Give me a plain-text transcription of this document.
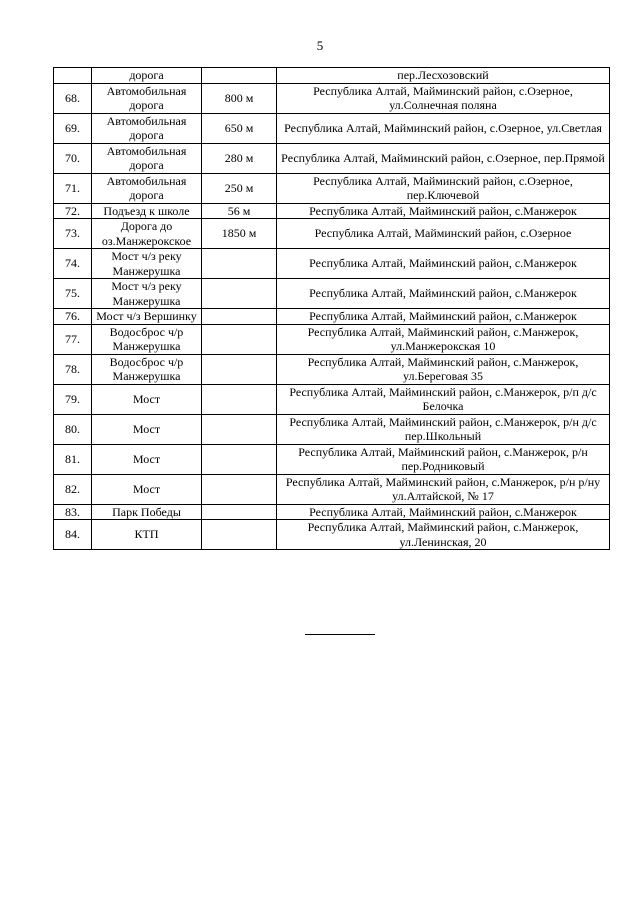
5
	дорога		пер.Лесхозовский
68.	Автомобильная дорога	800 м	Республика Алтай, Майминский район, с.Озерное, ул.Солнечная поляна
69.	Автомобильная дорога	650 м	Республика Алтай, Майминский район, с.Озерное, ул.Светлая
70.	Автомобильная дорога	280 м	Республика Алтай, Майминский район, с.Озерное, пер.Прямой
71.	Автомобильная дорога	250 м	Республика Алтай, Майминский район, с.Озерное, пер.Ключевой
72.	Подъезд к школе	56 м	Республика Алтай, Майминский район, с.Манжерок
73.	Дорога до оз.Манжерокское	1850 м	Республика Алтай, Майминский район, с.Озерное
74.	Мост ч/з реку Манжерушка		Республика Алтай, Майминский район, с.Манжерок
75.	Мост ч/з реку Манжерушка		Республика Алтай, Майминский район, с.Манжерок
76.	Мост ч/з Вершинку		Республика Алтай, Майминский район, с.Манжерок
77.	Водосброс ч/р Манжерушка		Республика Алтай, Майминский район, с.Манжерок, ул.Манжерокская 10
78.	Водосброс ч/р Манжерушка		Республика Алтай, Майминский район, с.Манжерок, ул.Береговая 35
79.	Мост		Республика Алтай, Майминский район, с.Манжерок, р/п д/с Белочка
80.	Мост		Республика Алтай, Майминский район, с.Манжерок, р/н д/с пер.Школьный
81.	Мост		Республика Алтай, Майминский район, с.Манжерок, р/н пер.Родниковый
82.	Мост		Республика Алтай, Майминский район, с.Манжерок, р/н р/ну ул.Алтайской, № 17
83.	Парк Победы		Республика Алтай, Майминский район, с.Манжерок
84.	КТП		Республика Алтай, Майминский район, с.Манжерок, ул.Ленинская, 20
